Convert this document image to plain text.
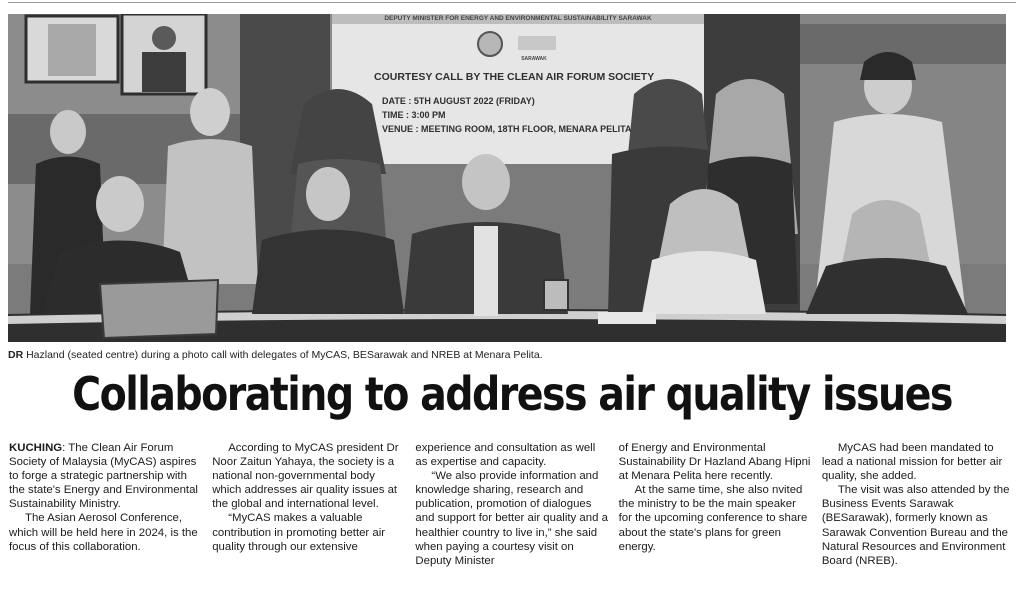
DEPUTY MINISTER FOR ENERGY AND ENVIRONMENTAL SUSTAINABILITY SARAWAK
SARAWAK
COURTESY CALL BY THE CLEAN AIR FORUM SOCIETY
DATE : 5TH AUGUST 2022 (FRIDAY)
TIME : 3:00 PM
VENUE : MEETING ROOM, 18TH FLOOR, MENARA PELITA
DR Hazland (seated centre) during a photo call with delegates of MyCAS, BESarawak and NREB at Menara Pelita.
Collaborating to address air quality issues

KUCHING: The Clean Air Forum Society of Malaysia (MyCAS) aspires to forge a strategic partnership with the state's Energy and Environmental Sustainability Ministry.

The Asian Aerosol Conference, which will be held here in 2024, is the focus of this collaboration.

According to MyCAS president Dr Noor Zaitun Yahaya, the society is a national non-governmental body which addresses air quality issues at the global and international level.

“MyCAS makes a valuable contribution in promoting better air quality through our extensive

experience and consultation as well as expertise and capacity.

“We also provide information and knowledge sharing, research and publication, promotion of dialogues and support for better air quality and a healthier country to live in,” she said when paying a courtesy visit on Deputy Minister

of Energy and Environmental Sustainability Dr Hazland Abang Hipni at Menara Pelita here recently.

At the same time, she also nvited the ministry to be the main speaker for the upcoming conference to share about the state's plans for green energy.

MyCAS had been mandated to lead a national mission for better air quality, she added.

The visit was also attended by the Business Events Sarawak (BESarawak), formerly known as Sarawak Convention Bureau and the Natural Resources and Environment Board (NREB).
